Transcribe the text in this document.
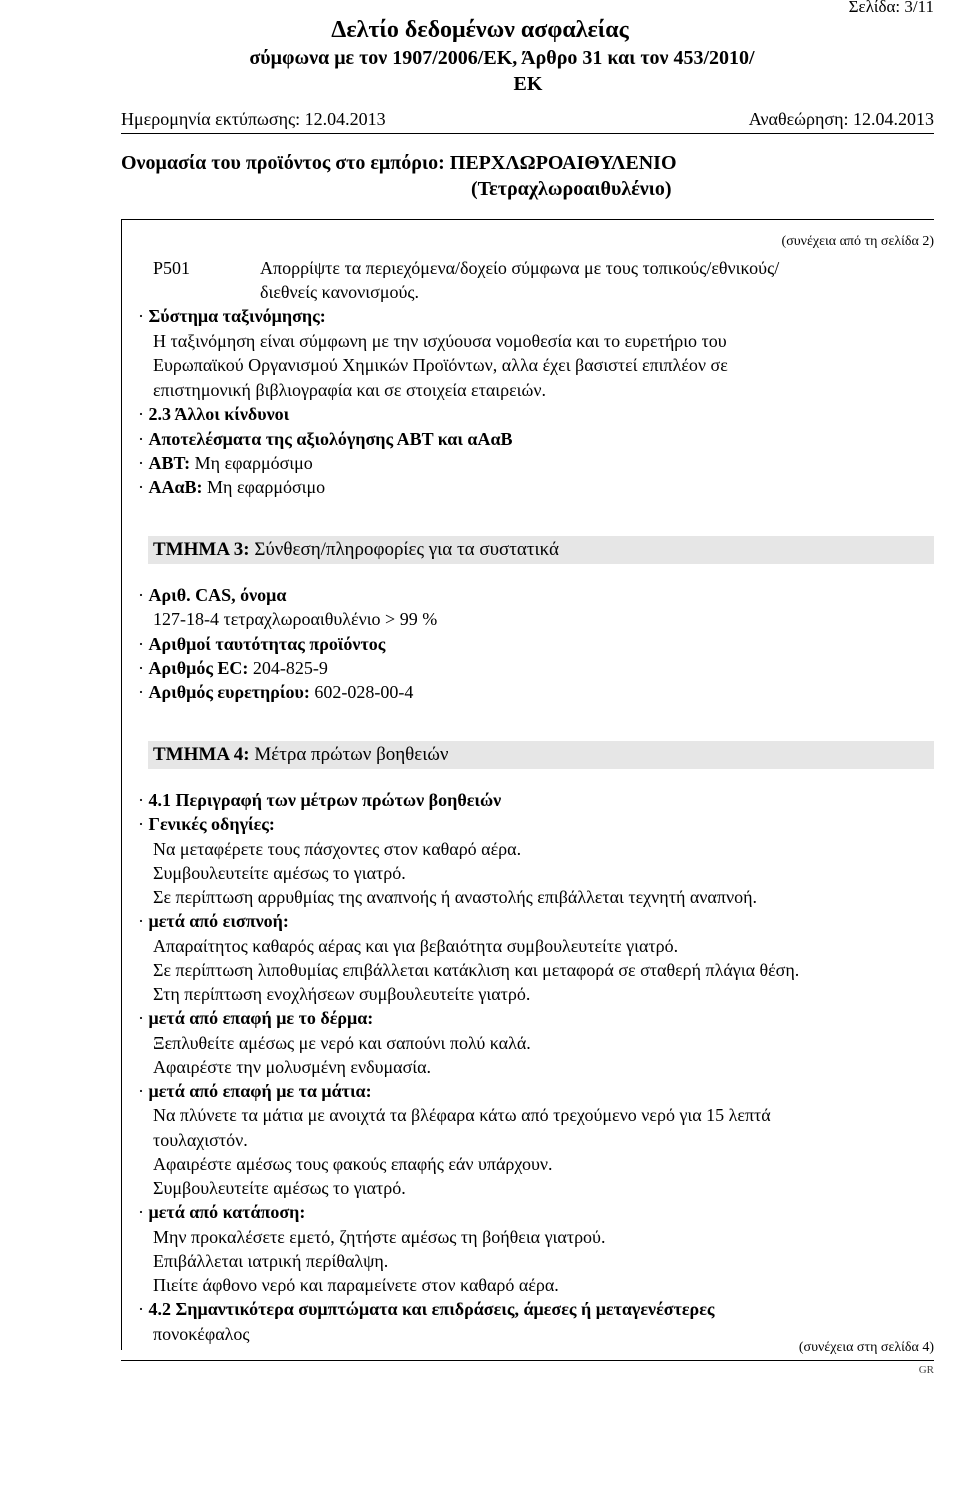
Σελίδα: 3/11
Δελτίο δεδομένων ασφαλείας
σύμφωνα με τον 1907/2006/ΕΚ, Άρθρο 31 και τον 453/2010/
ΕΚ
Ημερομηνία εκτύπωσης: 12.04.2013	Αναθεώρηση: 12.04.2013
Ονομασία του προϊόντος στο εμπόριο: ΠΕΡΧΛΩΡΟΑΙΘΥΛΕΝΙΟ
(Τετραχλωροαιθυλένιο)
(συνέχεια από τη σελίδα 2)
P501	Απορρίψτε τα περιεχόμενα/δοχείο σύμφωνα με τους τοπικούς/εθνικούς/
διεθνείς κανονισμούς.
· Σύστημα ταξινόμησης:
Η ταξινόμηση είναι σύμφωνη με την ισχύουσα νομοθεσία και το ευρετήριο του
Ευρωπαϊκού Οργανισμού Χημικών Προϊόντων, αλλα έχει βασιστεί επιπλέον σε
επιστημονική βιβλιογραφία και σε στοιχεία εταιρειών.
· 2.3 Άλλοι κίνδυνοι
· Αποτελέσματα της αξιολόγησης ΑΒΤ και αΑαΒ
· ΑΒΤ: Μη εφαρμόσιμο
· ΑΑαΒ: Μη εφαρμόσιμο
ΤΜΗΜΑ 3: Σύνθεση/πληροφορίες για τα συστατικά
· Αριθ. CAS, όνομα
127-18-4 τετραχλωροαιθυλένιο > 99 %
· Αριθμοί ταυτότητας προϊόντος
· Αριθμός EC: 204-825-9
· Αριθμός ευρετηρίου: 602-028-00-4
ΤΜΗΜΑ 4: Μέτρα πρώτων βοηθειών
· 4.1 Περιγραφή των μέτρων πρώτων βοηθειών
· Γενικές οδηγίες:
Να μεταφέρετε τους πάσχοντες στον καθαρό αέρα.
Συμβουλευτείτε αμέσως το γιατρό.
Σε περίπτωση αρρυθμίας της αναπνοής ή αναστολής επιβάλλεται τεχνητή αναπνοή.
· μετά από εισπνοή:
Απαραίτητος καθαρός αέρας και για βεβαιότητα συμβουλευτείτε γιατρό.
Σε περίπτωση λιποθυμίας επιβάλλεται κατάκλιση και μεταφορά σε σταθερή πλάγια θέση.
Στη περίπτωση ενοχλήσεων συμβουλευτείτε γιατρό.
· μετά από επαφή με το δέρμα:
Ξεπλυθείτε αμέσως με νερό και σαπούνι πολύ καλά.
Αφαιρέστε την μολυσμένη ενδυμασία.
· μετά από επαφή με τα μάτια:
Να πλύνετε τα μάτια με ανοιχτά τα βλέφαρα κάτω από τρεχούμενο νερό για 15 λεπτά
τουλαχιστόν.
Αφαιρέστε αμέσως τους φακούς επαφής εάν υπάρχουν.
Συμβουλευτείτε αμέσως το γιατρό.
· μετά από κατάποση:
Μην προκαλέσετε εμετό, ζητήστε αμέσως τη βοήθεια γιατρού.
Επιβάλλεται ιατρική περίθαλψη.
Πιείτε άφθονο νερό και παραμείνετε στον καθαρό αέρα.
· 4.2 Σημαντικότερα συμπτώματα και επιδράσεις, άμεσες ή μεταγενέστερες
πονοκέφαλος
(συνέχεια στη σελίδα 4)
GR
